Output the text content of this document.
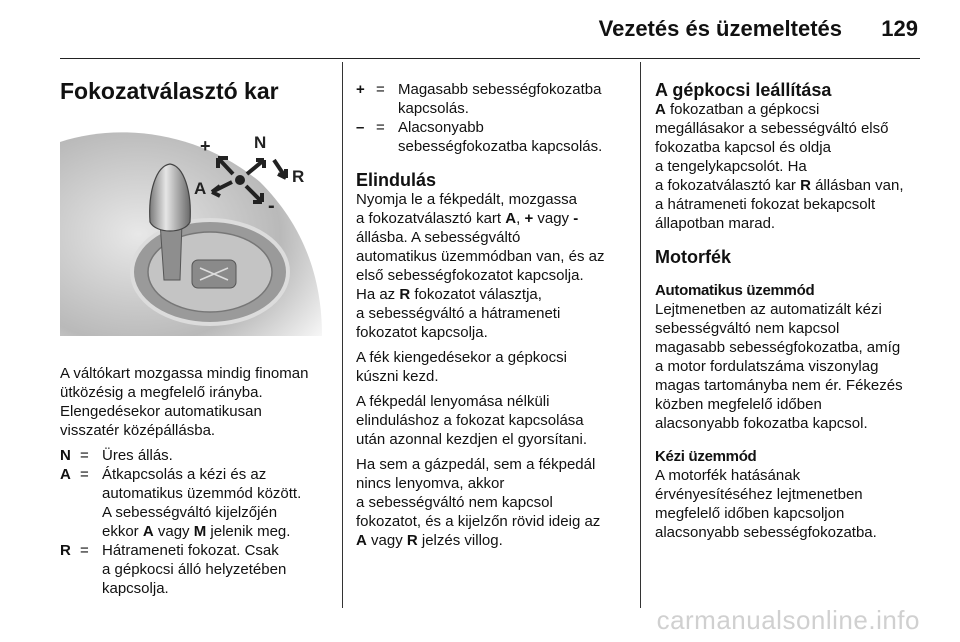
Vezetés és üzemeltetés 129
Fokozatválasztó kar
+	N
R
A
-

A váltókart mozgassa mindig finoman

ütközésig a megfelelő irányba.

Elengedésekor automatikusan

visszatér középállásba.

N = Üres állás.
A = Átkapcsolás a kézi és az
automatikus üzemmód között.
A sebességváltó kijelzőjén
ekkor A vagy M jelenik meg.
R = Hátrameneti fokozat. Csak
a gépkocsi álló helyzetében
kapcsolja.
+ = Magasabb sebességfokozatba
kapcsolás.
– = Alacsonyabb
sebességfokozatba kapcsolás.
Elindulás

Nyomja le a fékpedált, mozgassa

a fokozatválasztó kart A, + vagy -

állásba. A sebességváltó

automatikus üzemmódban van, és az

első sebességfokozatot kapcsolja.

Ha az R fokozatot választja,

a sebességváltó a hátrameneti

fokozatot kapcsolja.

A fék kiengedésekor a gépkocsi

kúszni kezd.

A fékpedál lenyomása nélküli

elinduláshoz a fokozat kapcsolása

után azonnal kezdjen el gyorsítani.

Ha sem a gázpedál, sem a fékpedál

nincs lenyomva, akkor

a sebességváltó nem kapcsol

fokozatot, és a kijelzőn rövid ideig az

A vagy R jelzés villog.

A gépkocsi leállítása

A fokozatban a gépkocsi

megállásakor a sebességváltó első

fokozatba kapcsol és oldja

a tengelykapcsolót. Ha

a fokozatválasztó kar R állásban van,

a hátrameneti fokozat bekapcsolt

állapotban marad.

Motorfék
Automatikus üzemmód

Lejtmenetben az automatizált kézi

sebességváltó nem kapcsol

magasabb sebességfokozatba, amíg

a motor fordulatszáma viszonylag

magas tartományba nem ér. Fékezés

közben megfelelő időben

alacsonyabb fokozatba kapcsol.

Kézi üzemmód

A motorfék hatásának

érvényesítéséhez lejtmenetben

megfelelő időben kapcsoljon

alacsonyabb sebességfokozatba.

carmanualsonline.info
